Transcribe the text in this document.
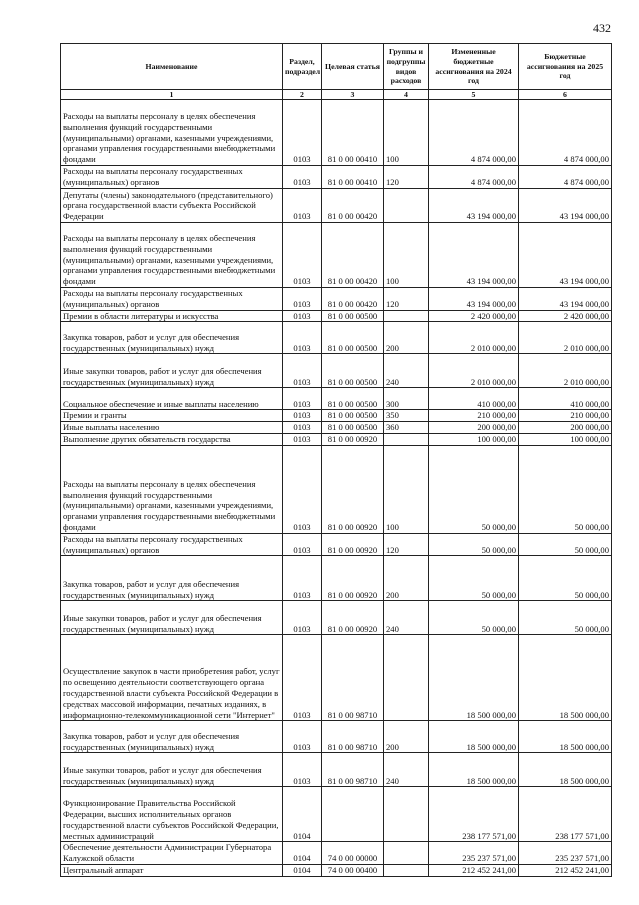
432
Наименование	Раздел, подраздел	Целевая статья	Группы и подгруппы видов расходов	Измененные бюджетные ассигнования на 2024 год	Бюджетные ассигнования на 2025 год
1	2	3	4	5	6
Расходы на выплаты персоналу в целях обеспечения выполнения функций государственными (муниципальными) органами, казенными учреждениями, органами управления государственными внебюджетными фондами	0103	81 0 00 00410	100	4 874 000,00	4 874 000,00
Расходы на выплаты персоналу государственных (муниципальных) органов	0103	81 0 00 00410	120	4 874 000,00	4 874 000,00
Депутаты (члены) законодательного (представительного) органа государственной власти субъекта Российской Федерации	0103	81 0 00 00420		43 194 000,00	43 194 000,00
Расходы на выплаты персоналу в целях обеспечения выполнения функций государственными (муниципальными) органами, казенными учреждениями, органами управления государственными внебюджетными фондами	0103	81 0 00 00420	100	43 194 000,00	43 194 000,00
Расходы на выплаты персоналу государственных (муниципальных) органов	0103	81 0 00 00420	120	43 194 000,00	43 194 000,00
Премии в области литературы и искусства	0103	81 0 00 00500		2 420 000,00	2 420 000,00
Закупка товаров, работ и услуг для обеспечения государственных (муниципальных) нужд	0103	81 0 00 00500	200	2 010 000,00	2 010 000,00
Иные закупки товаров, работ и услуг для обеспечения государственных (муниципальных) нужд	0103	81 0 00 00500	240	2 010 000,00	2 010 000,00
Социальное обеспечение и иные выплаты населению	0103	81 0 00 00500	300	410 000,00	410 000,00
Премии и гранты	0103	81 0 00 00500	350	210 000,00	210 000,00
Иные выплаты населению	0103	81 0 00 00500	360	200 000,00	200 000,00
Выполнение других обязательств государства	0103	81 0 00 00920		100 000,00	100 000,00
Расходы на выплаты персоналу в целях обеспечения выполнения функций государственными (муниципальными) органами, казенными учреждениями, органами управления государственными внебюджетными фондами	0103	81 0 00 00920	100	50 000,00	50 000,00
Расходы на выплаты персоналу государственных (муниципальных) органов	0103	81 0 00 00920	120	50 000,00	50 000,00
Закупка товаров, работ и услуг для обеспечения государственных (муниципальных) нужд	0103	81 0 00 00920	200	50 000,00	50 000,00
Иные закупки товаров, работ и услуг для обеспечения государственных (муниципальных) нужд	0103	81 0 00 00920	240	50 000,00	50 000,00
Осуществление закупок в части приобретения работ, услуг по освещению деятельности соответствующего органа государственной власти субъекта Российской Федерации в средствах массовой информации, печатных изданиях, в информационно-телекоммуникационной сети "Интернет"	0103	81 0 00 98710		18 500 000,00	18 500 000,00
Закупка товаров, работ и услуг для обеспечения государственных (муниципальных) нужд	0103	81 0 00 98710	200	18 500 000,00	18 500 000,00
Иные закупки товаров, работ и услуг для обеспечения государственных (муниципальных) нужд	0103	81 0 00 98710	240	18 500 000,00	18 500 000,00
Функционирование Правительства Российской Федерации, высших исполнительных органов государственной власти субъектов Российской Федерации, местных администраций	0104			238 177 571,00	238 177 571,00
Обеспечение деятельности Администрации Губернатора Калужской области	0104	74 0 00 00000		235 237 571,00	235 237 571,00
Центральный аппарат	0104	74 0 00 00400		212 452 241,00	212 452 241,00
